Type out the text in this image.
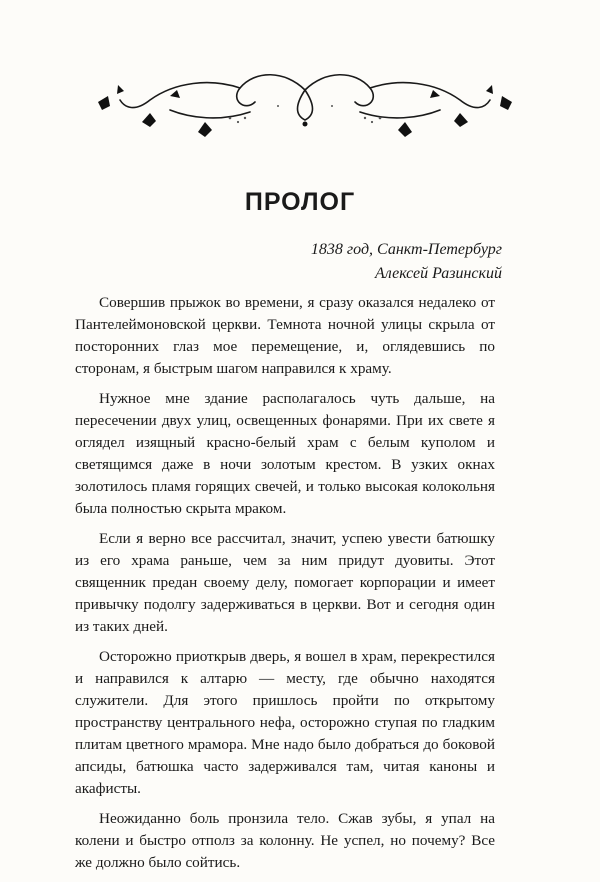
ПРОЛОГ
1838 год, Санкт-Петербург
Алексей Разинский

Совершив прыжок во времени, я сразу оказался недалеко от Пантелеймоновской церкви. Темнота ночной улицы скрыла от посторонних глаз мое перемещение, и, оглядевшись по сторонам, я быстрым шагом направился к храму.

Нужное мне здание располагалось чуть дальше, на пересечении двух улиц, освещенных фонарями. При их свете я оглядел изящный красно-белый храм с белым куполом и светящимся даже в ночи золотым крестом. В узких окнах золотилось пламя горящих свечей, и только высокая колокольня была полностью скрыта мраком.

Если я верно все рассчитал, значит, успею увести батюшку из его храма раньше, чем за ним придут дуовиты. Этот священник предан своему делу, помогает корпорации и имеет привычку подолгу задерживаться в церкви. Вот и сегодня один из таких дней.

Осторожно приоткрыв дверь, я вошел в храм, перекрестился и направился к алтарю — месту, где обычно находятся служители. Для этого пришлось пройти по открытому пространству центрального нефа, осторожно ступая по гладким плитам цветного мрамора. Мне надо было добраться до боковой апсиды, батюшка часто задерживался там, читая каноны и акафисты.

Неожиданно боль пронзила тело. Сжав зубы, я упал на колени и быстро отполз за колонну. Не успел, но почему? Все же должно было сойтись.
